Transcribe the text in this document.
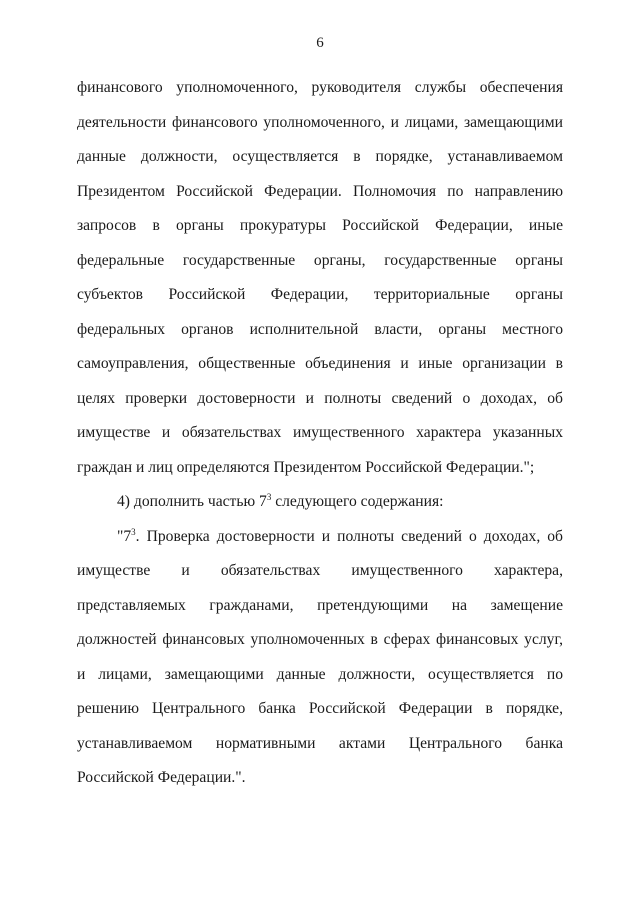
6

финансового уполномоченного, руководителя службы обеспечения деятельности финансового уполномоченного, и лицами, замещающими данные должности, осуществляется в порядке, устанавливаемом Президентом Российской Федерации. Полномочия по направлению запросов в органы прокуратуры Российской Федерации, иные федеральные государственные органы, государственные органы субъектов Российской Федерации, территориальные органы федеральных органов исполнительной власти, органы местного самоуправления, общественные объединения и иные организации в целях проверки достоверности и полноты сведений о доходах, об имуществе и обязательствах имущественного характера указанных граждан и лиц определяются Президентом Российской Федерации.";

4) дополнить частью $7^3$ следующего содержания:

"$7^3$. Проверка достоверности и полноты сведений о доходах, об имуществе и обязательствах имущественного характера, представляемых гражданами, претендующими на замещение должностей финансовых уполномоченных в сферах финансовых услуг, и лицами, замещающими данные должности, осуществляется по решению Центрального банка Российской Федерации в порядке, устанавливаемом нормативными актами Центрального банка Российской Федерации.".
